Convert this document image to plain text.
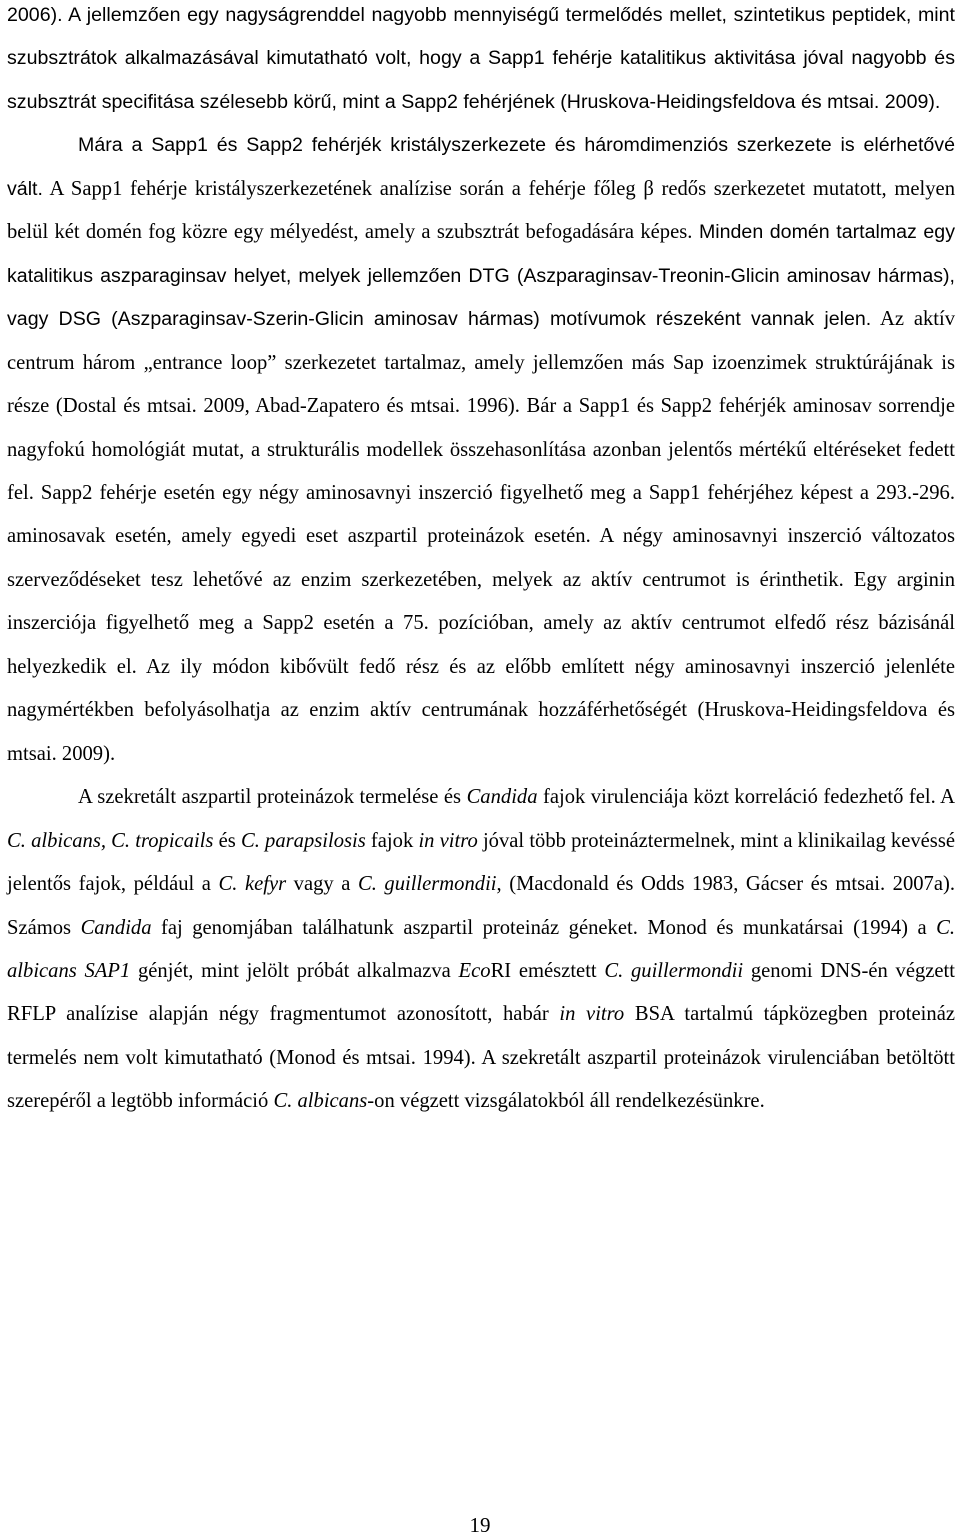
2006). A jellemzően egy nagyságrenddel nagyobb mennyiségű termelődés mellet, szintetikus peptidek, mint szubsztrátok alkalmazásával kimutatható volt, hogy a Sapp1 fehérje katalitikus aktivitása jóval nagyobb és szubsztrát specifitása szélesebb körű, mint a Sapp2 fehérjének (Hruskova-Heidingsfeldova és mtsai. 2009).

Mára a Sapp1 és Sapp2 fehérjék kristályszerkezete és háromdimenziós szerkezete is elérhetővé vált. A Sapp1 fehérje kristályszerkezetének analízise során a fehérje főleg β redős szerkezetet mutatott, melyen belül két domén fog közre egy mélyedést, amely a szubsztrát befogadására képes. Minden domén tartalmaz egy katalitikus aszparaginsav helyet, melyek jellemzően DTG (Aszparaginsav-Treonin-Glicin aminosav hármas), vagy DSG (Aszparaginsav-Szerin-Glicin aminosav hármas) motívumok részeként vannak jelen. Az aktív centrum három „entrance loop” szerkezetet tartalmaz, amely jellemzően más Sap izoenzimek struktúrájának is része (Dostal és mtsai. 2009, Abad-Zapatero és mtsai. 1996). Bár a Sapp1 és Sapp2 fehérjék aminosav sorrendje nagyfokú homológiát mutat, a strukturális modellek összehasonlítása azonban jelentős mértékű eltéréseket fedett fel. Sapp2 fehérje esetén egy négy aminosavnyi inszerció figyelhető meg a Sapp1 fehérjéhez képest a 293.-296. aminosavak esetén, amely egyedi eset aszpartil proteinázok esetén. A négy aminosavnyi inszerció változatos szerveződéseket tesz lehetővé az enzim szerkezetében, melyek az aktív centrumot is érinthetik. Egy arginin inszerciója figyelhető meg a Sapp2 esetén a 75. pozícióban, amely az aktív centrumot elfedő rész bázisánál helyezkedik el. Az ily módon kibővült fedő rész és az előbb említett négy aminosavnyi inszerció jelenléte nagymértékben befolyásolhatja az enzim aktív centrumának hozzáférhetőségét (Hruskova-Heidingsfeldova és mtsai. 2009).

A szekretált aszpartil proteinázok termelése és Candida fajok virulenciája közt korreláció fedezhető fel. A C. albicans, C. tropicails és C. parapsilosis fajok in vitro jóval több proteináztermelnek, mint a klinikailag kevéssé jelentős fajok, például a C. kefyr vagy a C. guillermondii, (Macdonald és Odds 1983, Gácser és mtsai. 2007a). Számos Candida faj genomjában találhatunk aszpartil proteináz géneket. Monod és munkatársai (1994) a C. albicans SAP1 génjét, mint jelölt próbát alkalmazva EcoRI emésztett C. guillermondii genomi DNS-én végzett RFLP analízise alapján négy fragmentumot azonosított, habár in vitro BSA tartalmú tápközegben proteináz termelés nem volt kimutatható (Monod és mtsai. 1994). A szekretált aszpartil proteinázok virulenciában betöltött szerepéről a legtöbb információ C. albicans-on végzett vizsgálatokból áll rendelkezésünkre.

19
